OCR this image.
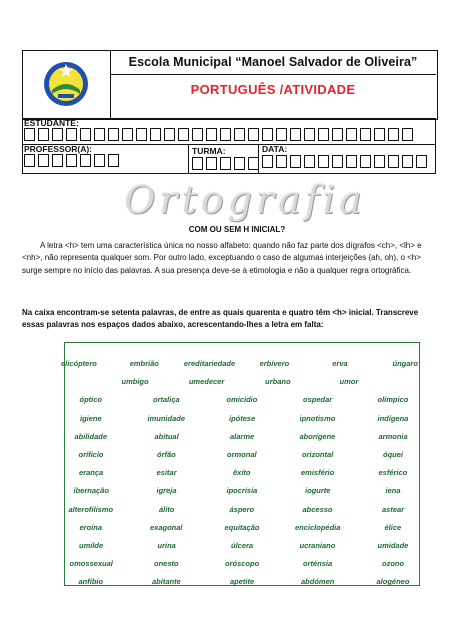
Escola Municipal “Manoel Salvador de Oliveira”
PORTUGUÊS /ATIVIDADE
ESTUDANTE:
PROFESSOR(A):	TURMA:	DATA:
Ortografia
COM OU SEM H INICIAL?
A letra <h> tem uma característica única no nosso alfabeto: quando não faz parte dos dígrafos <ch>, <lh> e <nh>, não representa qualquer som. Por outro lado, exceptuando o caso de algumas interjeições (ah, oh), o <h> surge sempre no início das palavras. A sua presença deve-se à etimologia e não a qualquer regra ortográfica.
Na caixa encontram-se setenta palavras, de entre as quais quarenta e quatro têm <h> inicial. Transcreve essas palavras nos espaços dados abaixo, acrescentando-lhes a letra em falta:
elicóptero	embrião	ereditariedade	erbívero	erva	úngaro
umbigo	umedecer	urbano	umor
óptico	ortaliça	omicídio	ospedar	olímpico
igiene	imunidade	ipótese	ipnotismo	indígena
abilidade	abitual	alarme	aborígene	armonia
oríficio	órfão	ormonal	orizontal	óquei
erança	esitar	êxito	emisfério	esférico
ibernação	igreja	ipocrisia	iogurte	iena
alterofilismo	álito	áspero	abcesso	astear
eroína	exagonal	equitação	enciclopédia	élice
umilde	urina	úlcera	ucraniano	umidade
omossexual	onesto	oróscopo	orténsia	ozono
anfíbio	abitante	apetite	abdómen	alogéneo
